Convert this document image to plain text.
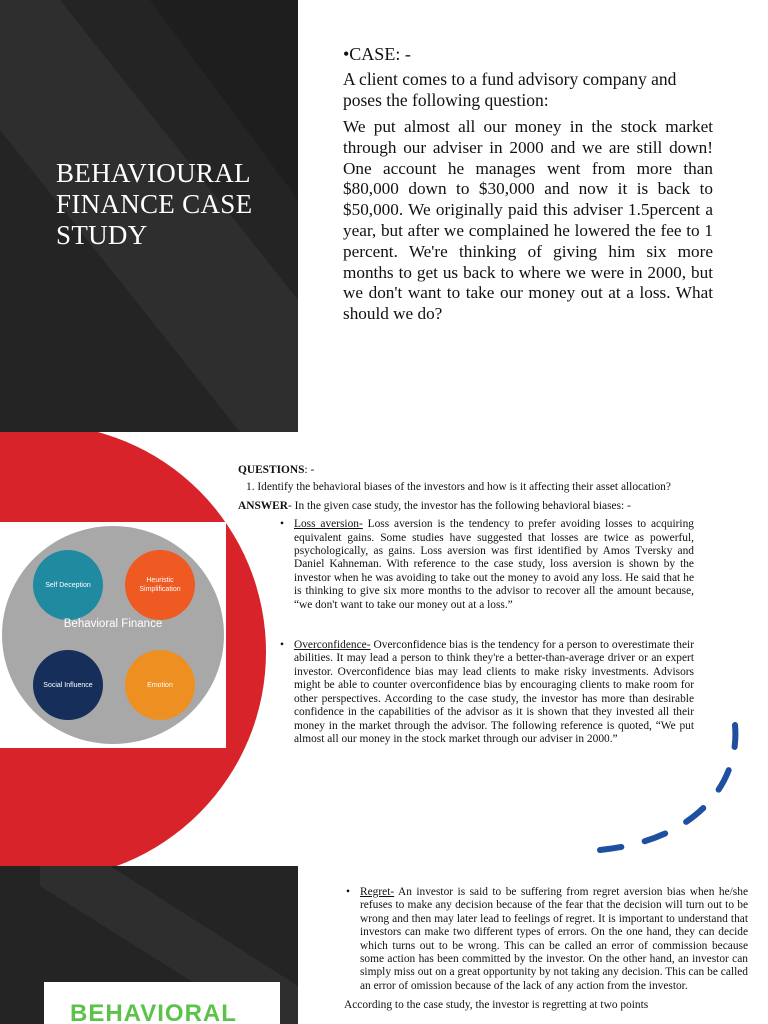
BEHAVIOURAL FINANCE CASE STUDY
•CASE: -
A client comes to a fund advisory company and poses the following question:
We put almost all our money in the stock market through our adviser in 2000 and we are still down! One account he manages went from more than $80,000 down to $30,000 and now it is back to $50,000. We originally paid this adviser 1.5percent a year, but after we complained he lowered the fee to 1 percent. We're thinking of giving him six more months to get us back to where we were in 2000, but we don't want to take our money out at a loss. What should we do?
Self Deception
Heuristic Simplification
Social Influence	Emotion
Behavioral Finance
QUESTIONS: -
1. Identify the behavioral biases of the investors and how is it affecting their asset allocation?
ANSWER- In the given case study, the investor has the following behavioral biases: -
• Loss aversion- Loss aversion is the tendency to prefer avoiding losses to acquiring equivalent gains. Some studies have suggested that losses are twice as powerful, psychologically, as gains. Loss aversion was first identified by Amos Tversky and Daniel Kahneman. With reference to the case study, loss aversion is shown by the investor when he was avoiding to take out the money to avoid any loss. He said that he is thinking to give six more months to the advisor to recover all the amount because, “we don't want to take our money out at a loss.”
• Overconfidence- Overconfidence bias is the tendency for a person to overestimate their abilities. It may lead a person to think they're a better-than-average driver or an expert investor. Overconfidence bias may lead clients to make risky investments. Advisors might be able to counter overconfidence bias by encouraging clients to make room for other perspectives. According to the case study, the investor has more than desirable confidence in the capabilities of the advisor as it is shown that they invested all their money in the market through the advisor. The following reference is quoted, “We put almost all our money in the stock market through our adviser in 2000.”
BEHAVIORAL
• Regret- An investor is said to be suffering from regret aversion bias when he/she refuses to make any decision because of the fear that the decision will turn out to be wrong and then may later lead to feelings of regret. It is important to understand that investors can make two different types of errors. On the one hand, they can decide which turns out to be wrong. This can be called an error of commission because some action has been committed by the investor. On the other hand, an investor can simply miss out on a great opportunity by not taking any decision. This can be called an error of omission because of the lack of any action from the investor.
According to the case study, the investor is regretting at two points
